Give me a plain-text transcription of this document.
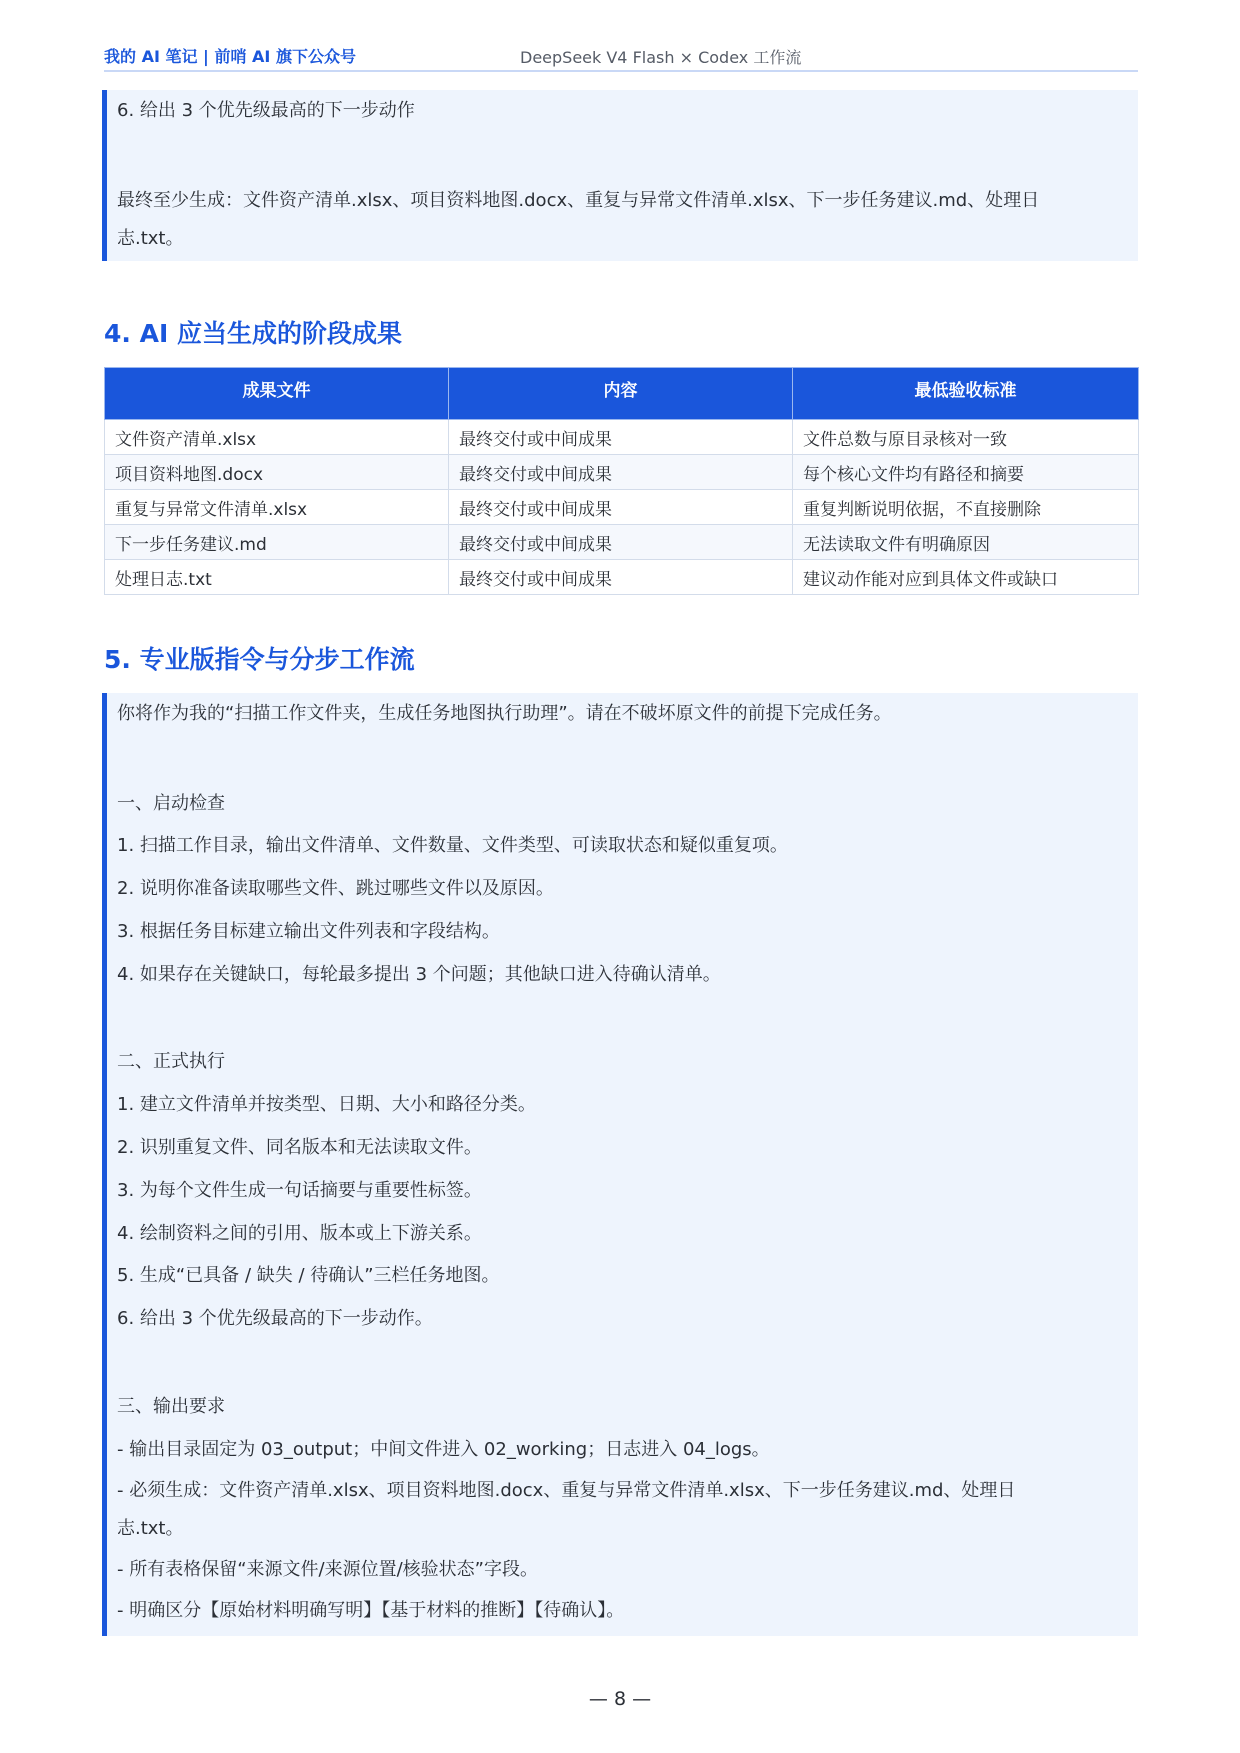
我的 AI 笔记 | 前哨 AI 旗下公众号	DeepSeek V4 Flash × Codex 工作流
6. 给出 3 个优先级最高的下一步动作
最终至少生成：文件资产清单.xlsx、项目资料地图.docx、重复与异常文件清单.xlsx、下一步任务建议.md、处理日
志.txt。
4. AI 应当生成的阶段成果
成果文件	内容	最低验收标准
文件资产清单.xlsx	最终交付或中间成果	文件总数与原目录核对一致
项目资料地图.docx	最终交付或中间成果	每个核心文件均有路径和摘要
重复与异常文件清单.xlsx	最终交付或中间成果	重复判断说明依据，不直接删除
下一步任务建议.md	最终交付或中间成果	无法读取文件有明确原因
处理日志.txt	最终交付或中间成果	建议动作能对应到具体文件或缺口
5. 专业版指令与分步工作流
你将作为我的“扫描工作文件夹，生成任务地图执行助理”。请在不破坏原文件的前提下完成任务。
一、启动检查
1. 扫描工作目录，输出文件清单、文件数量、文件类型、可读取状态和疑似重复项。
2. 说明你准备读取哪些文件、跳过哪些文件以及原因。
3. 根据任务目标建立输出文件列表和字段结构。
4. 如果存在关键缺口，每轮最多提出 3 个问题；其他缺口进入待确认清单。
二、正式执行
1. 建立文件清单并按类型、日期、大小和路径分类。
2. 识别重复文件、同名版本和无法读取文件。
3. 为每个文件生成一句话摘要与重要性标签。
4. 绘制资料之间的引用、版本或上下游关系。
5. 生成“已具备 / 缺失 / 待确认”三栏任务地图。
6. 给出 3 个优先级最高的下一步动作。
三、输出要求
- 输出目录固定为 03_output；中间文件进入 02_working；日志进入 04_logs。
- 必须生成：文件资产清单.xlsx、项目资料地图.docx、重复与异常文件清单.xlsx、下一步任务建议.md、处理日
志.txt。
- 所有表格保留“来源文件/来源位置/核验状态”字段。
- 明确区分【原始材料明确写明】【基于材料的推断】【待确认】。
— 8 —
